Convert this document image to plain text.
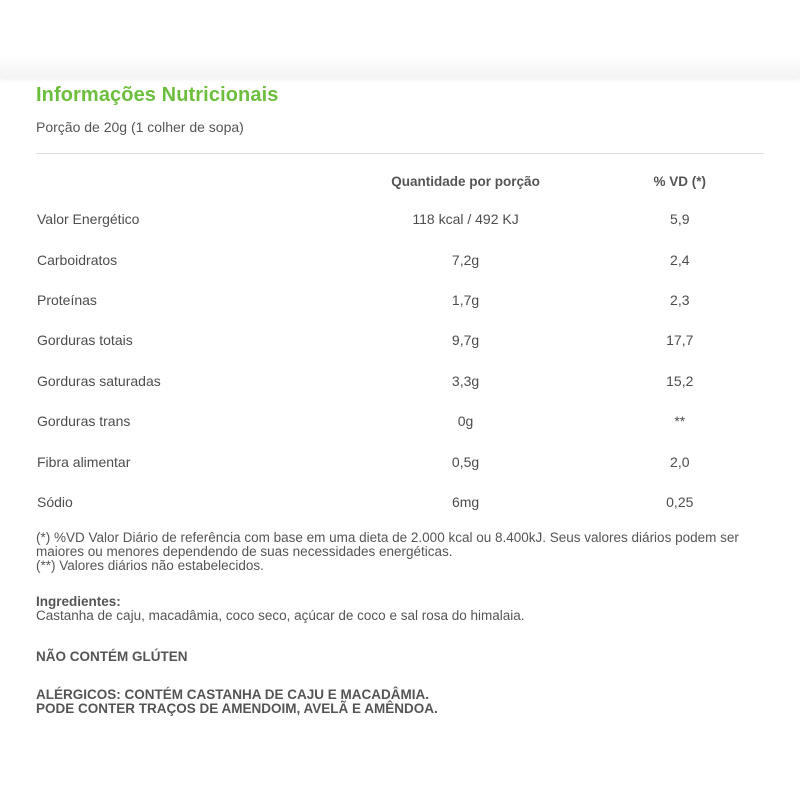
Informações Nutricionais
Porção de 20g (1 colher de sopa)
	Quantidade por porção	% VD (*)
Valor Energético	118 kcal / 492 KJ	5,9
Carboidratos	7,2g	2,4
Proteínas	1,7g	2,3
Gorduras totais	9,7g	17,7
Gorduras saturadas	3,3g	15,2
Gorduras trans	0g	**
Fibra alimentar	0,5g	2,0
Sódio	6mg	0,25
(*) %VD Valor Diário de referência com base em uma dieta de 2.000 kcal ou 8.400kJ. Seus valores diários podem ser maiores ou menores dependendo de suas necessidades energéticas.
(**) Valores diários não estabelecidos.
Ingredientes:
Castanha de caju, macadâmia, coco seco, açúcar de coco e sal rosa do himalaia.
NÃO CONTÉM GLÚTEN
ALÉRGICOS: CONTÉM CASTANHA DE CAJU E MACADÂMIA.
PODE CONTER TRAÇOS DE AMENDOIM, AVELÃ E AMÊNDOA.
